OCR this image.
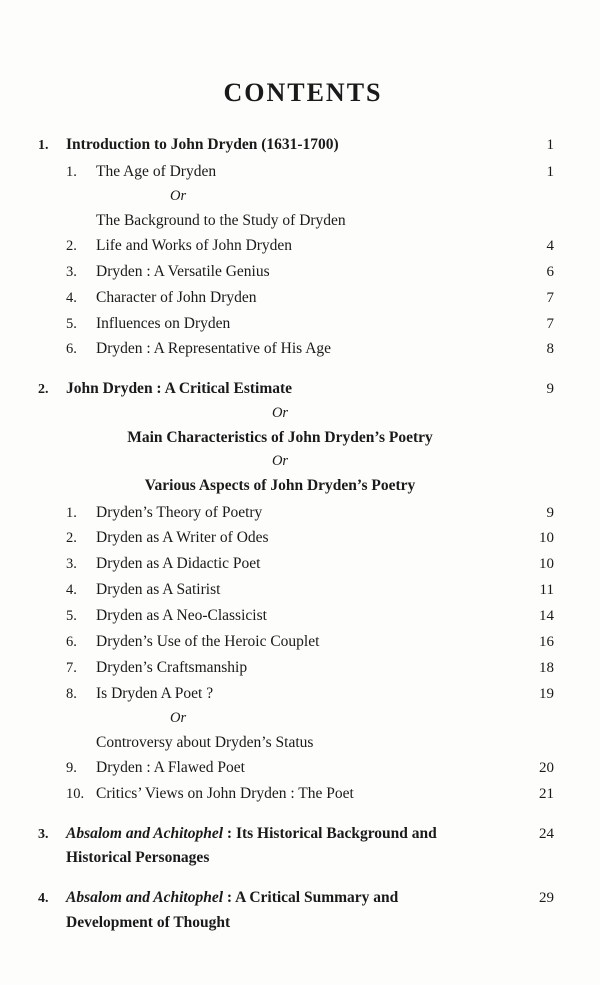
CONTENTS
1.	Introduction to John Dryden (1631-1700)	1
1.	The Age of Dryden	1
Or
The Background to the Study of Dryden
2.	Life and Works of John Dryden	4
3.	Dryden : A Versatile Genius	6
4.	Character of John Dryden	7
5.	Influences on Dryden	7
6.	Dryden : A Representative of His Age	8
2.	John Dryden : A Critical Estimate	9
Or
Main Characteristics of John Dryden’s Poetry
Or
Various Aspects of John Dryden’s Poetry
1.	Dryden’s Theory of Poetry	9
2.	Dryden as A Writer of Odes	10
3.	Dryden as A Didactic Poet	10
4.	Dryden as A Satirist	11
5.	Dryden as A Neo-Classicist	14
6.	Dryden’s Use of the Heroic Couplet	16
7.	Dryden’s Craftsmanship	18
8.	Is Dryden A Poet ?	19
Or
Controversy about Dryden’s Status
9.	Dryden : A Flawed Poet	20
10. Critics’ Views on John Dryden : The Poet	21
3.	Absalom and Achitophel : Its Historical Background and	24
Historical Personages
4.	Absalom and Achitophel : A Critical Summary and	29
Development of Thought
